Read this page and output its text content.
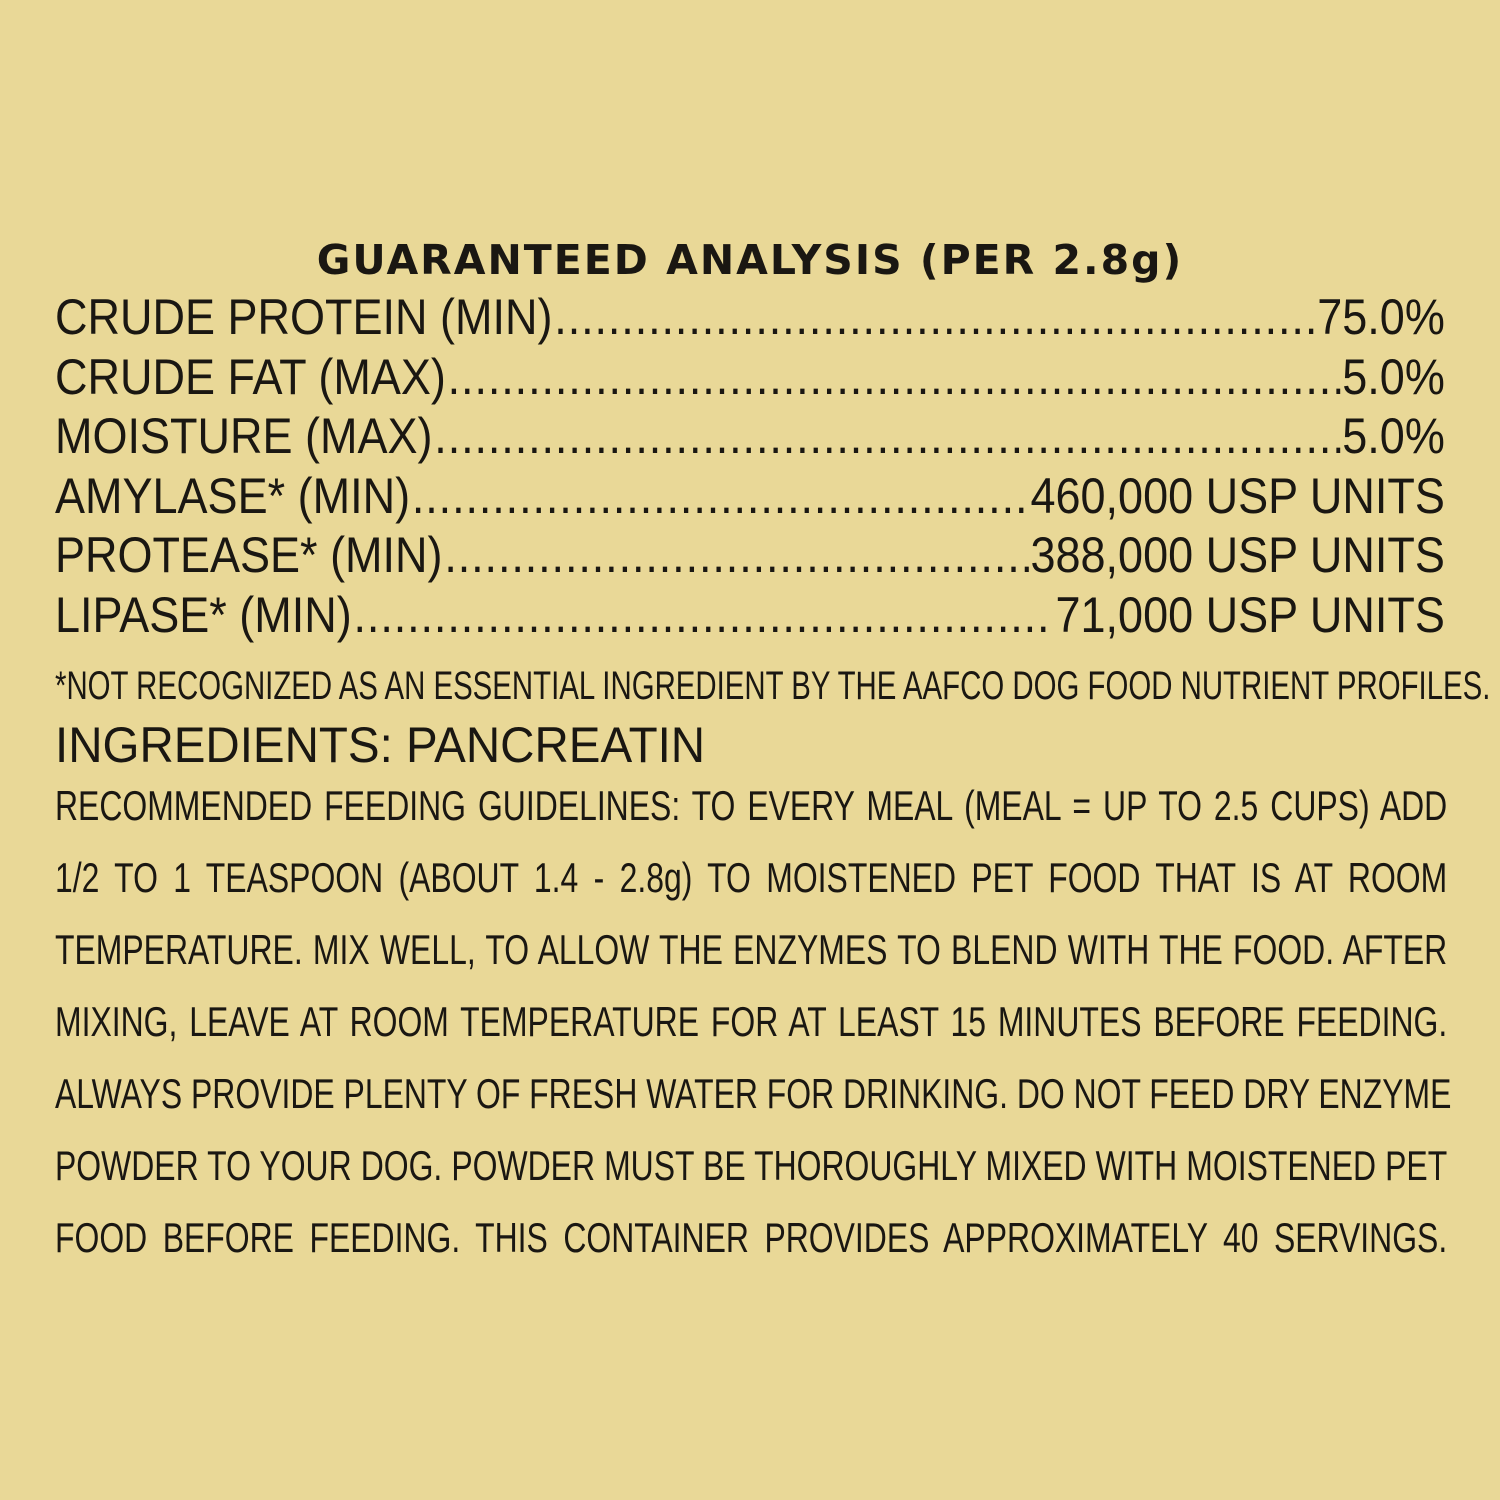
GUARANTEED ANALYSIS (PER 2.8g)
CRUDE PROTEIN (MIN) .....	75.0%
CRUDE FAT (MAX) .....	5.0%
MOISTURE (MAX) .....	5.0%
AMYLASE* (MIN) .....	460,000 USP UNITS
PROTEASE* (MIN) .....	388,000 USP UNITS
LIPASE* (MIN) .....	71,000 USP UNITS
*NOT RECOGNIZED AS AN ESSENTIAL INGREDIENT BY THE AAFCO DOG FOOD NUTRIENT PROFILES.
INGREDIENTS: PANCREATIN
RECOMMENDED FEEDING GUIDELINES: TO EVERY MEAL (MEAL = UP TO 2.5 CUPS) ADD
1/2 TO 1 TEASPOON (ABOUT 1.4 - 2.8g) TO MOISTENED PET FOOD THAT IS AT ROOM
TEMPERATURE. MIX WELL, TO ALLOW THE ENZYMES TO BLEND WITH THE FOOD. AFTER
MIXING, LEAVE AT ROOM TEMPERATURE FOR AT LEAST 15 MINUTES BEFORE FEEDING.
ALWAYS PROVIDE PLENTY OF FRESH WATER FOR DRINKING. DO NOT FEED DRY ENZYME
POWDER TO YOUR DOG. POWDER MUST BE THOROUGHLY MIXED WITH MOISTENED PET
FOOD BEFORE FEEDING. THIS CONTAINER PROVIDES APPROXIMATELY 40 SERVINGS.
